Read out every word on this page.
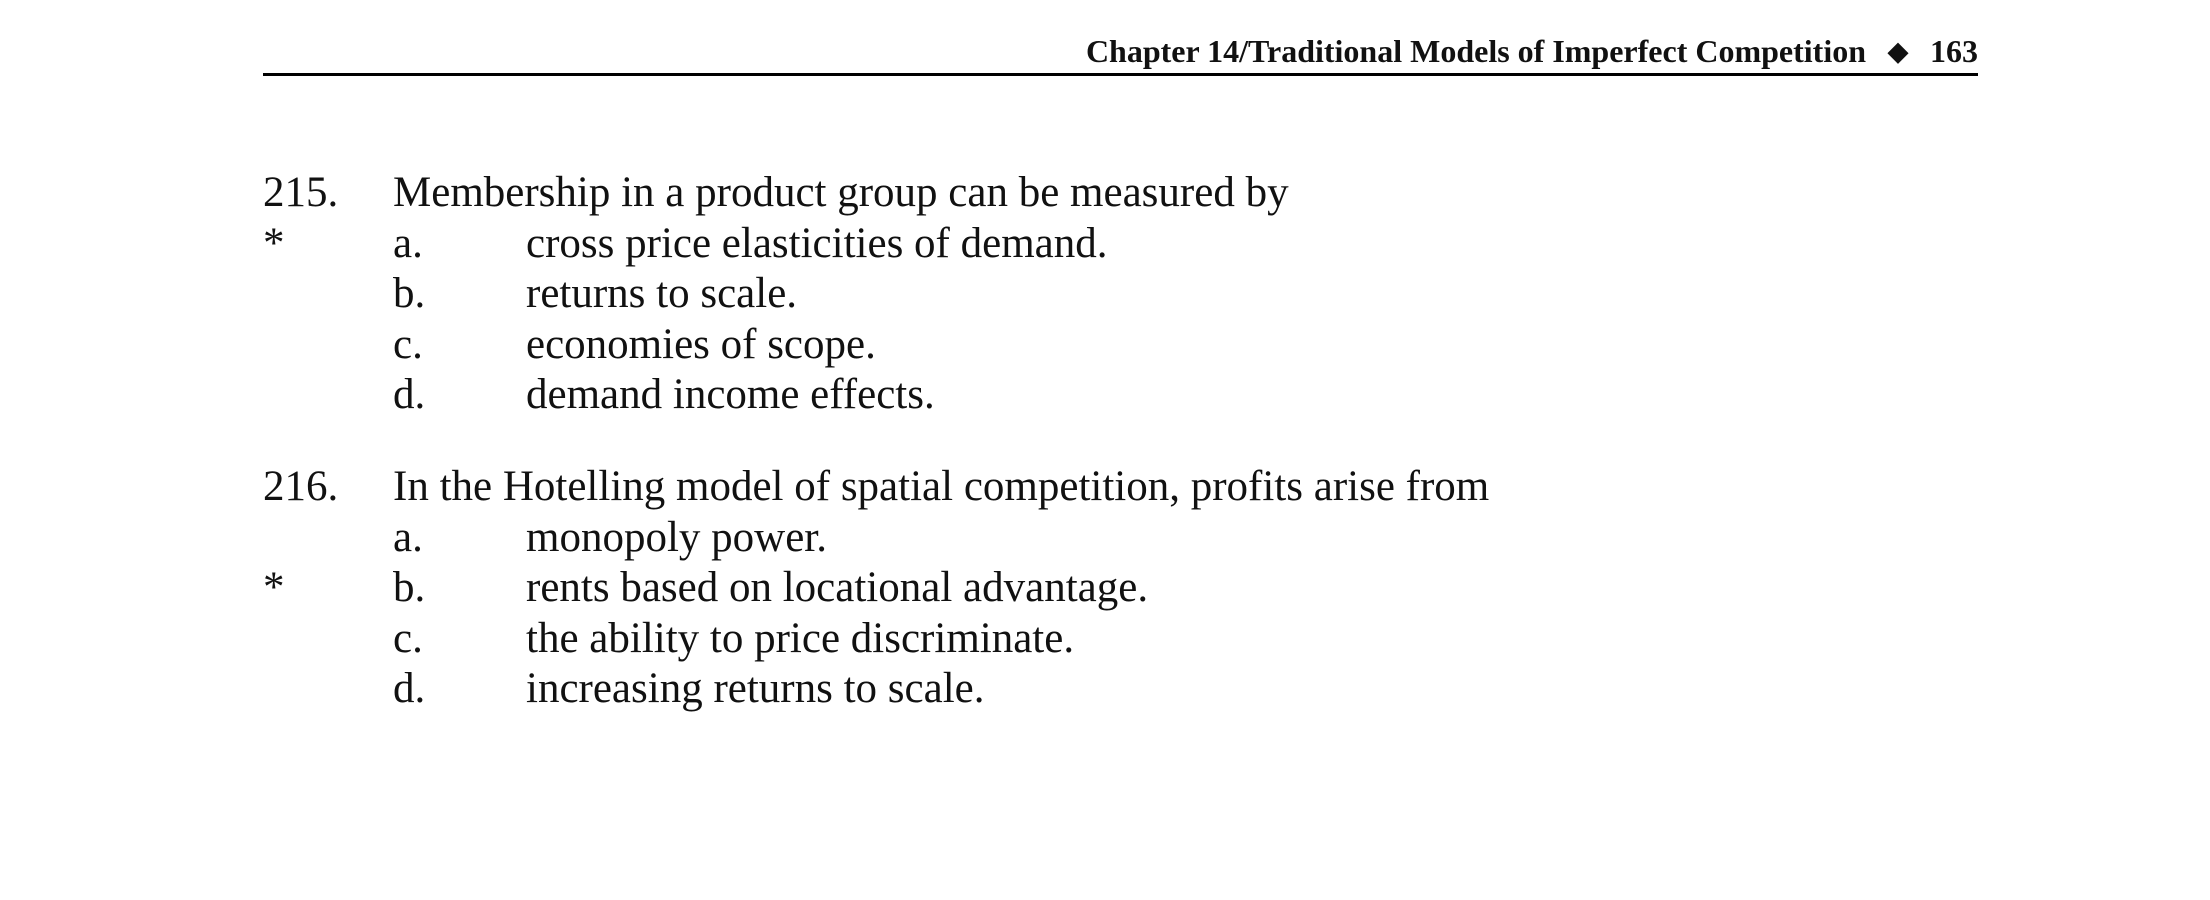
Chapter 14/Traditional Models of Imperfect Competition ◆ 163
215. Membership in a product group can be measured by
*	a. cross price elasticities of demand.
b. returns to scale.
c. economies of scope.
d. demand income effects.
216. In the Hotelling model of spatial competition, profits arise from
a. monopoly power.
*	b. rents based on locational advantage.
c. the ability to price discriminate.
d. increasing returns to scale.
